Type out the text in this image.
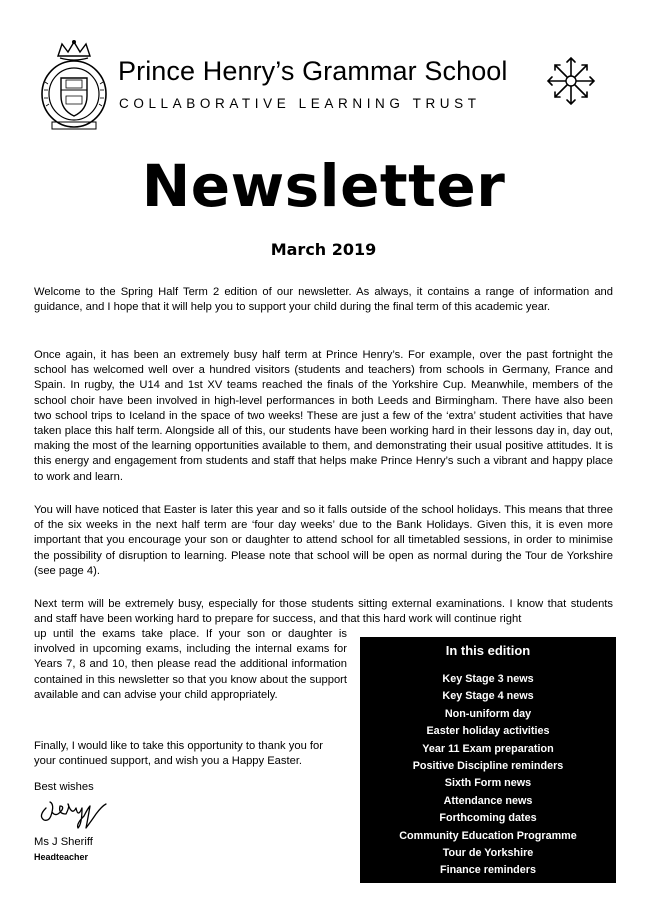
Prince Henry’s Grammar School
COLLABORATIVE LEARNING TRUST
Newsletter
March 2019

Welcome to the Spring Half Term 2 edition of our newsletter. As always, it contains a range of information and guidance, and I hope that it will help you to support your child during the final term of this academic year.

Once again, it has been an extremely busy half term at Prince Henry’s. For example, over the past fortnight the school has welcomed well over a hundred visitors (students and teachers) from schools in Germany, France and Spain. In rugby, the U14 and 1st XV teams reached the finals of the Yorkshire Cup. Meanwhile, members of the school choir have been involved in high-level performances in both Leeds and Birmingham. There have also been two school trips to Iceland in the space of two weeks! These are just a few of the ‘extra’ student activities that have taken place this half term. Alongside all of this, our students have been working hard in their lessons day in, day out, making the most of the learning opportunities available to them, and demonstrating their usual positive attitudes. It is this energy and engagement from students and staff that helps make Prince Henry’s such a vibrant and happy place to work and learn.

You will have noticed that Easter is later this year and so it falls outside of the school holidays. This means that three of the six weeks in the next half term are ‘four day weeks’ due to the Bank Holidays. Given this, it is even more important that you encourage your son or daughter to attend school for all timetabled sessions, in order to minimise the possibility of disruption to learning. Please note that school will be open as normal during the Tour de Yorkshire (see page 4).

Next term will be extremely busy, especially for those students sitting external examinations. I know that students and staff have been working hard to prepare for success, and that this hard work will continue right

up until the exams take place. If your son or daughter is involved in upcoming exams, including the internal exams for Years 7, 8 and 10, then please read the additional information contained in this newsletter so that you know about the support available and can advise your child appropriately.

Finally, I would like to take this opportunity to thank you for your continued support, and wish you a Happy Easter.

Best wishes
Ms J Sheriff
Headteacher
In this edition
Key Stage 3 news
Key Stage 4 news
Non-uniform day
Easter holiday activities
Year 11 Exam preparation
Positive Discipline reminders
Sixth Form news
Attendance news
Forthcoming dates
Community Education Programme
Tour de Yorkshire
Finance reminders
